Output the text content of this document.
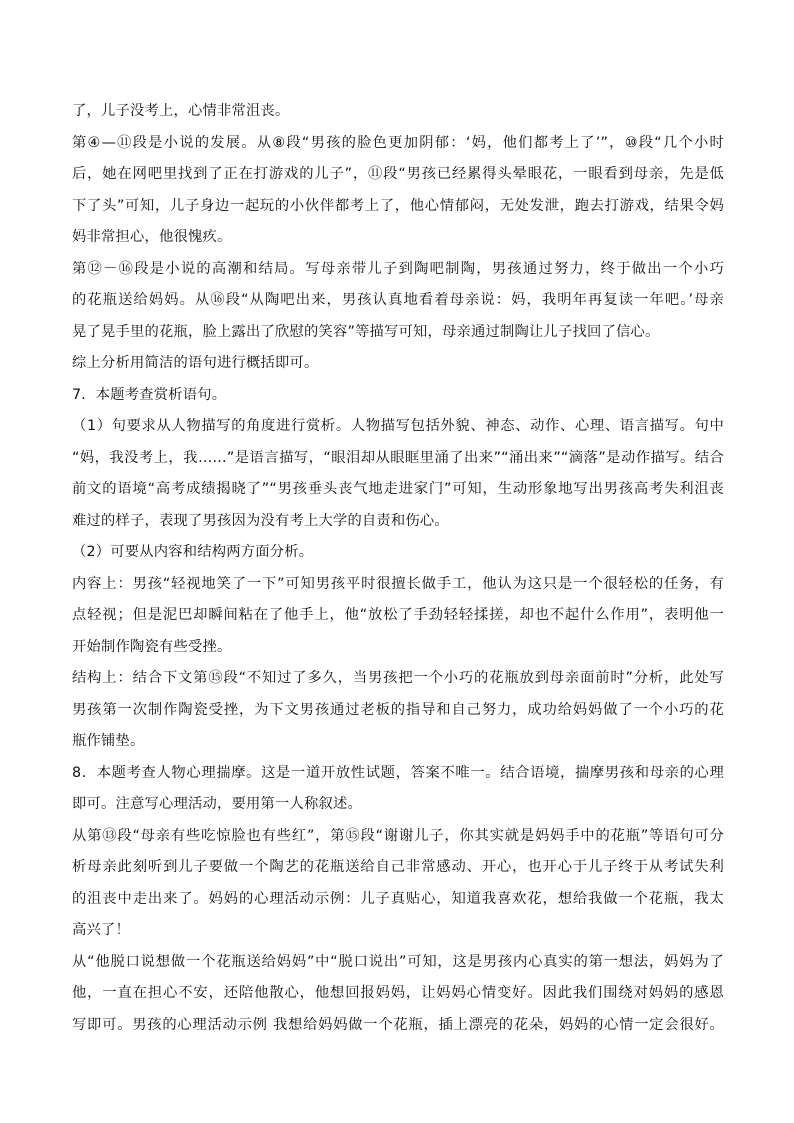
了，儿子没考上，心情非常沮丧。
第④—⑪段是小说的发展。从⑧段“男孩的脸色更加阴郁：‘妈，他们都考上了’”，⑩段“几个小时
后，她在网吧里找到了正在打游戏的儿子”，⑪段“男孩已经累得头晕眼花，一眼看到母亲，先是低
下了头”可知，儿子身边一起玩的小伙伴都考上了，他心情郁闷，无处发泄，跑去打游戏，结果令妈
妈非常担心，他很愧疚。
第⑫－⑯段是小说的高潮和结局。写母亲带儿子到陶吧制陶，男孩通过努力，终于做出一个小巧
的花瓶送给妈妈。从⑯段“从陶吧出来，男孩认真地看着母亲说：妈，我明年再复读一年吧。’母亲
晃了晃手里的花瓶，脸上露出了欣慰的笑容”等描写可知，母亲通过制陶让儿子找回了信心。
综上分析用简洁的语句进行概括即可。
7．本题考查赏析语句。
（1）句要求从人物描写的角度进行赏析。人物描写包括外貌、神态、动作、心理、语言描写。句中
“妈，我没考上，我……”是语言描写，“眼泪却从眼眶里涌了出来”“涌出来”“滴落”是动作描写。结合
前文的语境“高考成绩揭晓了”“男孩垂头丧气地走进家门”可知，生动形象地写出男孩高考失利沮丧
难过的样子，表现了男孩因为没有考上大学的自责和伤心。
（2）可要从内容和结构两方面分析。
内容上：男孩“轻视地笑了一下”可知男孩平时很擅长做手工，他认为这只是一个很轻松的任务，有
点轻视；但是泥巴却瞬间粘在了他手上，他“放松了手劲轻轻揉搓，却也不起什么作用”，表明他一
开始制作陶瓷有些受挫。
结构上：结合下文第⑮段“不知过了多久，当男孩把一个小巧的花瓶放到母亲面前时”分析，此处写
男孩第一次制作陶瓷受挫，为下文男孩通过老板的指导和自己努力，成功给妈妈做了一个小巧的花
瓶作铺垫。
8．本题考查人物心理揣摩。这是一道开放性试题，答案不唯一。结合语境，揣摩男孩和母亲的心理
即可。注意写心理活动，要用第一人称叙述。
从第⑬段“母亲有些吃惊脸也有些红”，第⑮段“谢谢儿子，你其实就是妈妈手中的花瓶”等语句可分
析母亲此刻听到儿子要做一个陶艺的花瓶送给自己非常感动、开心，也开心于儿子终于从考试失利
的沮丧中走出来了。妈妈的心理活动示例：儿子真贴心，知道我喜欢花，想给我做一个花瓶，我太
高兴了！
从“他脱口说想做一个花瓶送给妈妈”中“脱口说出”可知，这是男孩内心真实的第一想法，妈妈为了
他，一直在担心不安，还陪他散心，他想回报妈妈，让妈妈心情变好。因此我们围绕对妈妈的感恩
写即可。男孩的心理活动示例 我想给妈妈做一个花瓶，插上漂亮的花朵，妈妈的心情一定会很好。
